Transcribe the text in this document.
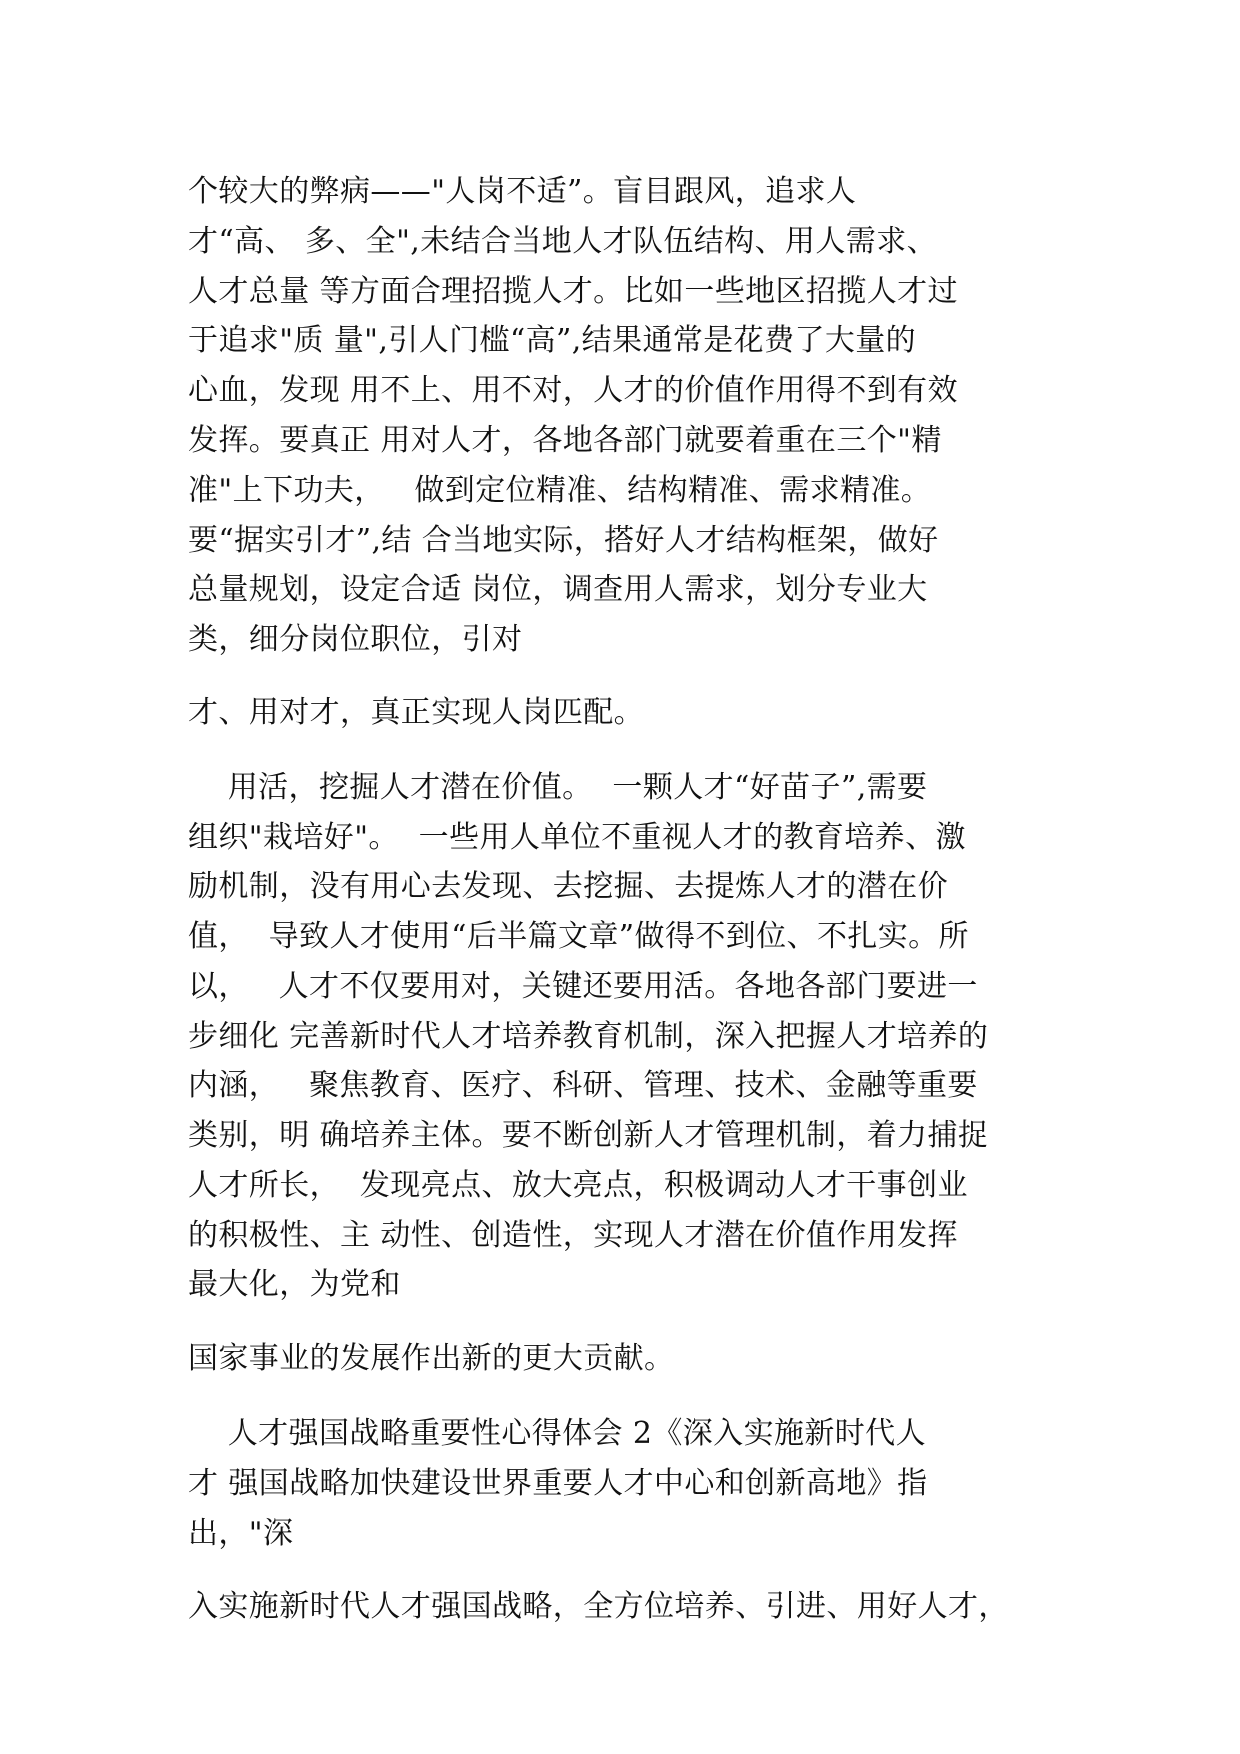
个较大的弊病——"人岗不适”。盲目跟风，追求人
才“高、 多、全",未结合当地人才队伍结构、用人需求、
人才总量 等方面合理招揽人才。比如一些地区招揽人才过
于追求"质 量",引人门槛“高”,结果通常是花费了大量的
心血，发现 用不上、用不对，人才的价值作用得不到有效
发挥。要真正 用对人才，各地各部门就要着重在三个"精
准"上下功夫，   做到定位精准、结构精准、需求精准。
要“据实引才”,结 合当地实际，搭好人才结构框架，做好
总量规划，设定合适 岗位，调查用人需求，划分专业大
类，细分岗位职位，引对
才、用对才，真正实现人岗匹配。
用活，挖掘人才潜在价值。  一颗人才“好苗子”,需要
组织"栽培好"。  一些用人单位不重视人才的教育培养、激
励机制，没有用心去发现、去挖掘、去提炼人才的潜在价
值，  导致人才使用“后半篇文章”做得不到位、不扎实。所
以，   人才不仅要用对，关键还要用活。各地各部门要进一
步细化 完善新时代人才培养教育机制，深入把握人才培养的
内涵，   聚焦教育、医疗、科研、管理、技术、金融等重要
类别，明 确培养主体。要不断创新人才管理机制，着力捕捉
人才所长，  发现亮点、放大亮点，积极调动人才干事创业
的积极性、主 动性、创造性，实现人才潜在价值作用发挥
最大化，为党和
国家事业的发展作出新的更大贡献。
人才强国战略重要性心得体会 2《深入实施新时代人
才 强国战略加快建设世界重要人才中心和创新高地》指
出，"深
入实施新时代人才强国战略，全方位培养、引进、用好人才，
